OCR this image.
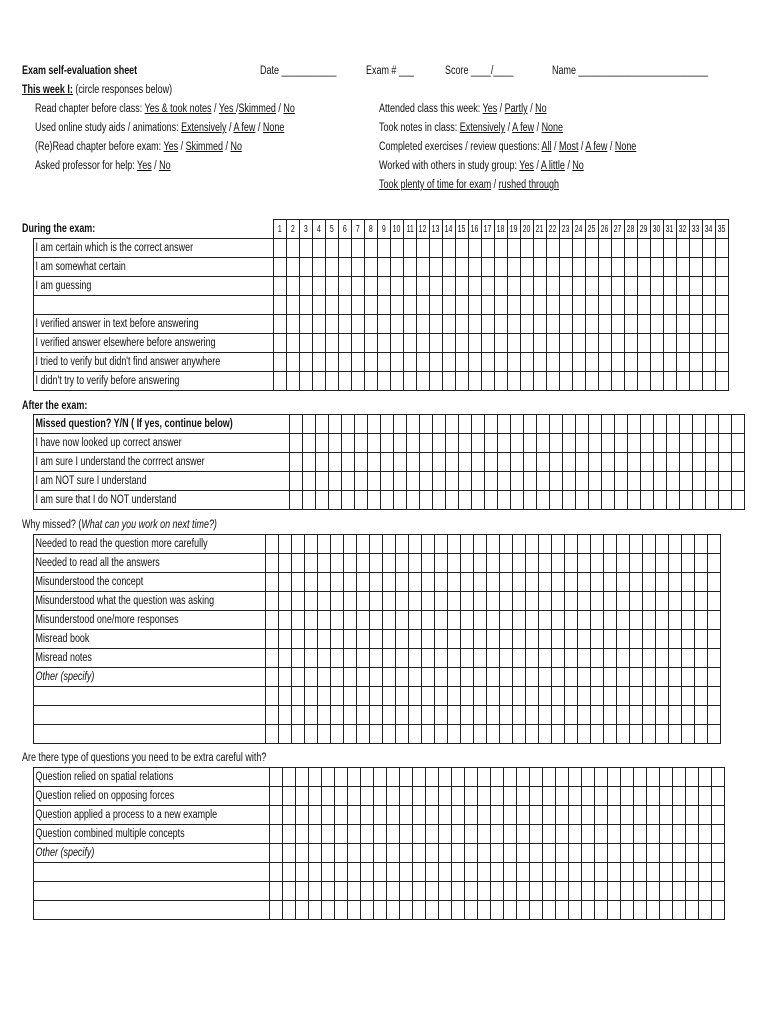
Exam self-evaluation sheet	Date ___________	Exam # ___	Score ____/____	Name __________________________
This week I: (circle responses below)
Read chapter before class: Yes & took notes / Yes /Skimmed / No
Used online study aids / animations: Extensively / A few / None
(Re)Read chapter before exam: Yes / Skimmed / No
Asked professor for help: Yes / No
Attended class this week: Yes / Partly / No
Took notes in class: Extensively / A few / None
Completed exercises / review questions: All / Most / A few / None
Worked with others in study group: Yes / A little / No
Took plenty of time for exam / rushed through
During the exam:
After the exam:
Why missed? (What can you work on next time?)
Are there type of questions you need to be extra careful with?
	1	2	3	4	5	6	7	8	9	10	11	12	13	14	15	16	17	18	19	20	21	22	23	24	25	26	27	28	29	30	31	32	33	34	35

I am certain which is the correct answer																																			

I am somewhat certain																																			

I am guessing																																			

I verified answer in text before answering																																			

I verified answer elsewhere before answering																																			

I tried to verify but didn't find answer anywhere																																			

I didn't try to verify before answering																																			

Missed question? Y/N ( If yes, continue below)																																			

I have now looked up correct answer																																			

I am sure I understand the corrrect answer																																			

I am NOT sure I understand																																			

I am sure that I do NOT understand																																			

Needed to read the question more carefully																																			

Needed to read all the answers																																			

Misunderstood the concept																																			

Misunderstood what the question was asking																																			

Misunderstood one/more responses																																			

Misread book																																			

Misread notes																																			

Other (specify)																																			

Question relied on spatial relations																																			

Question relied on opposing forces																																			

Question applied a process to a new example																																			

Question combined multiple concepts																																			

Other (specify)																																			
